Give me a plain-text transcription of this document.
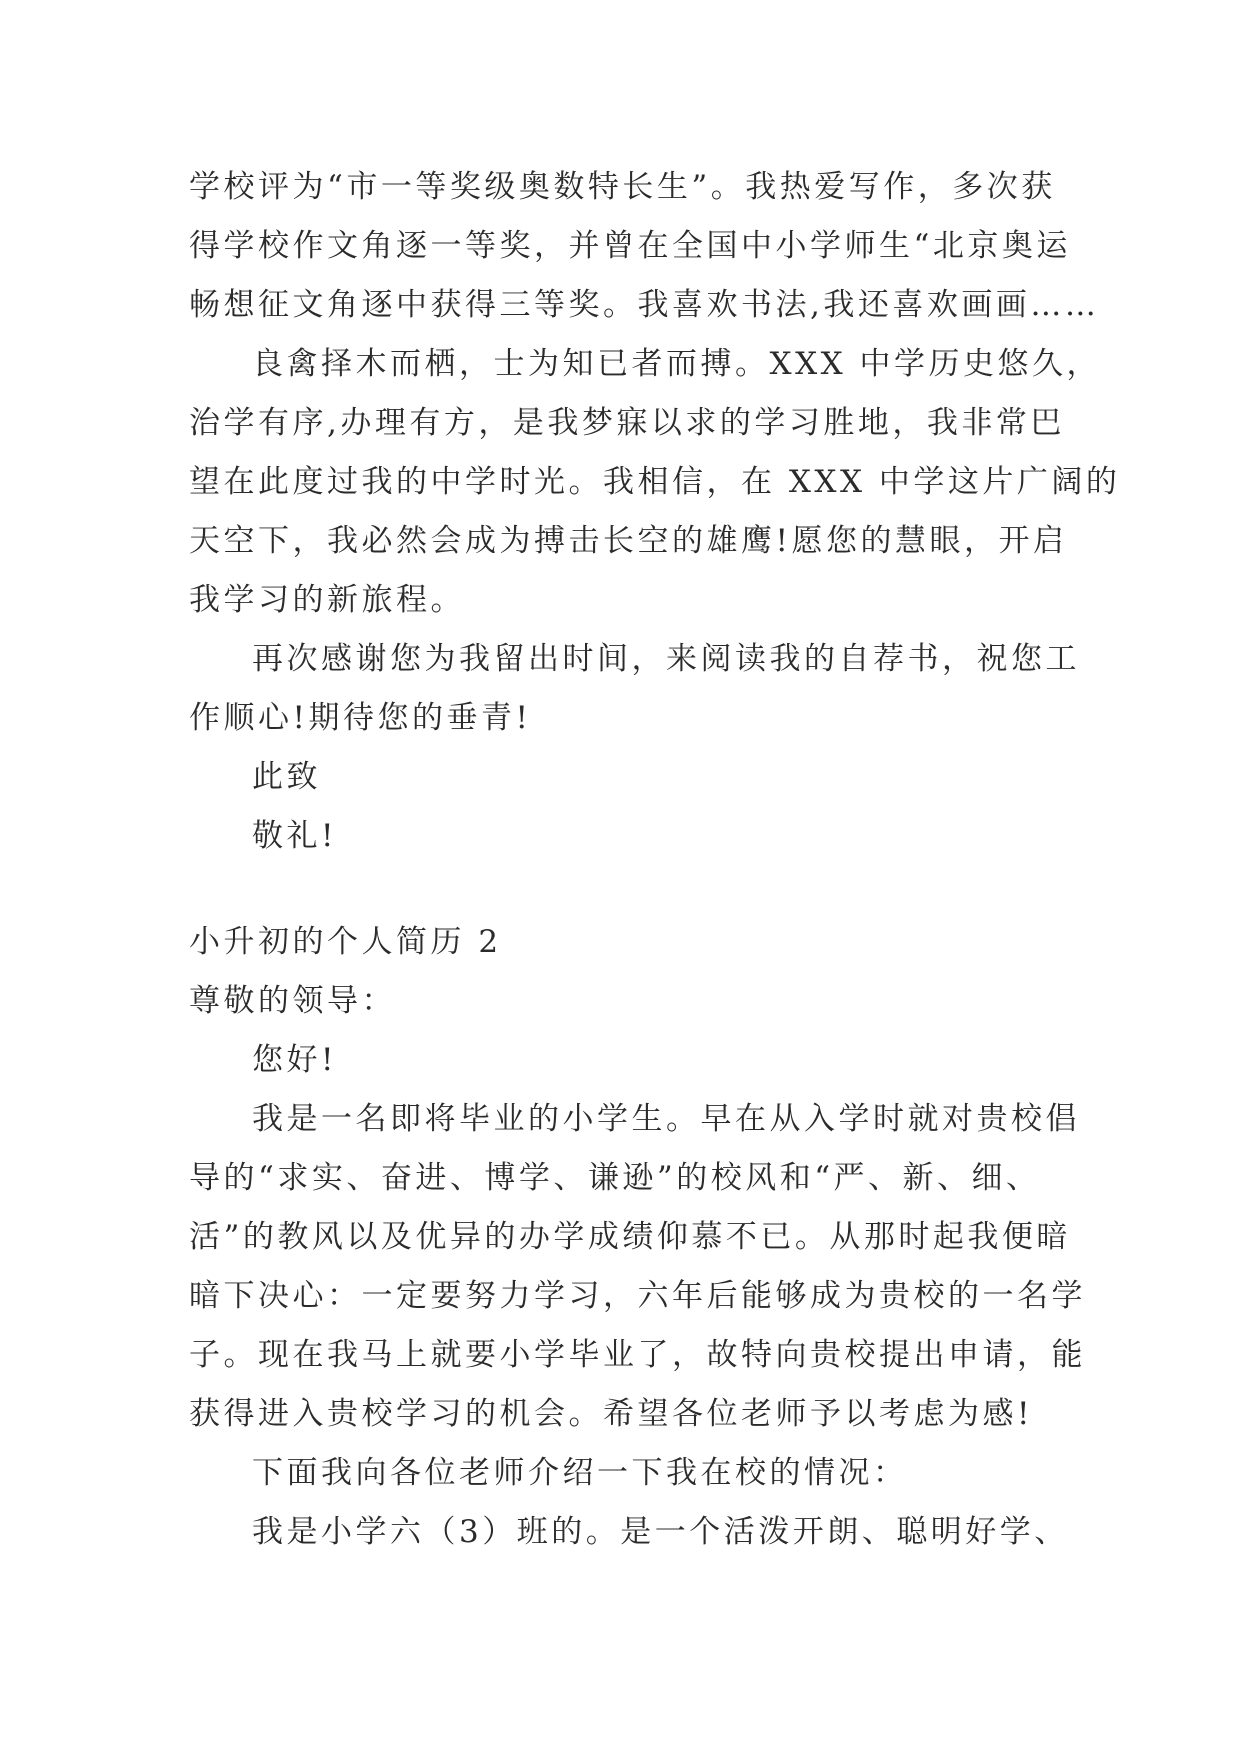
学校评为“市一等奖级奥数特长生”。我热爱写作，多次获
得学校作文角逐一等奖，并曾在全国中小学师生“北京奥运
畅想征文角逐中获得三等奖。我喜欢书法,我还喜欢画画……
良禽择木而栖，士为知已者而搏。XXX 中学历史悠久，
治学有序,办理有方，是我梦寐以求的学习胜地，我非常巴
望在此度过我的中学时光。我相信，在 XXX 中学这片广阔的
天空下，我必然会成为搏击长空的雄鹰!愿您的慧眼，开启
我学习的新旅程。
再次感谢您为我留出时间，来阅读我的自荐书，祝您工
作顺心!期待您的垂青!
此致
敬礼!
小升初的个人简历 2
尊敬的领导：
您好!
我是一名即将毕业的小学生。早在从入学时就对贵校倡
导的“求实、奋进、博学、谦逊”的校风和“严、新、细、
活”的教风以及优异的办学成绩仰慕不已。从那时起我便暗
暗下决心：一定要努力学习，六年后能够成为贵校的一名学
子。现在我马上就要小学毕业了，故特向贵校提出申请，能
获得进入贵校学习的机会。希望各位老师予以考虑为感!
下面我向各位老师介绍一下我在校的情况：
我是小学六（3）班的。是一个活泼开朗、聪明好学、
